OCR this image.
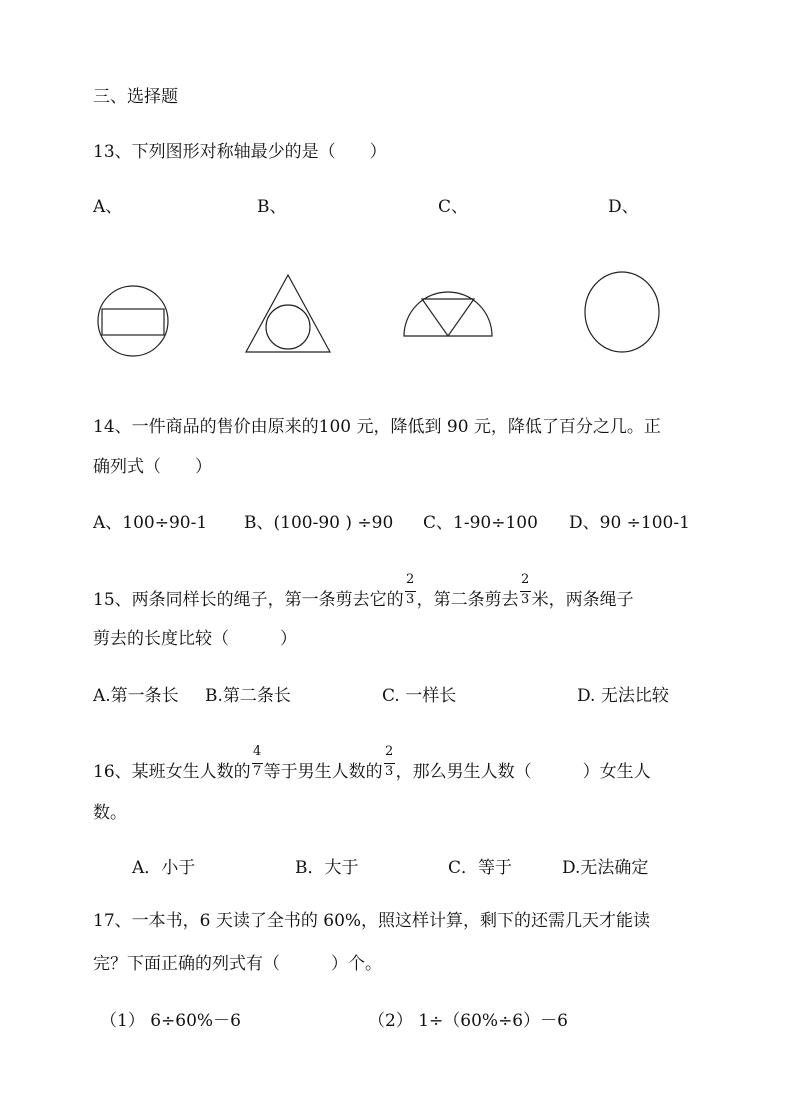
三、选择题
13、下列图形对称轴最少的是（　　）
A、	B、	C、	D、
14、一件商品的售价由原来的100 元，降低到 90 元，降低了百分之几。正
确列式（　　）
A、100÷90-1 B、(100-90 ) ÷90 C、1-90÷100 D、90 ÷100-1
15、两条同样长的绳子，第一条剪去它的 $\frac{2}{3}$ ，第二条剪去 $\frac{2}{3}$ 米，两条绳子
剪去的长度比较（　　　）
A.第一条长 B.第二条长	C. 一样长	D. 无法比较
16、某班女生人数的 $\frac{4}{7}$ 等于男生人数的 $\frac{2}{3}$ ，那么男生人数（　　　）女生人
数。
A．小于	B．大于	C．等于	D.无法确定
17、一本书，6 天读了全书的 60%，照这样计算，剩下的还需几天才能读
完？下面正确的列式有（　　　）个。
（1） 6÷60%－6	（2） 1÷（60%÷6）－6
